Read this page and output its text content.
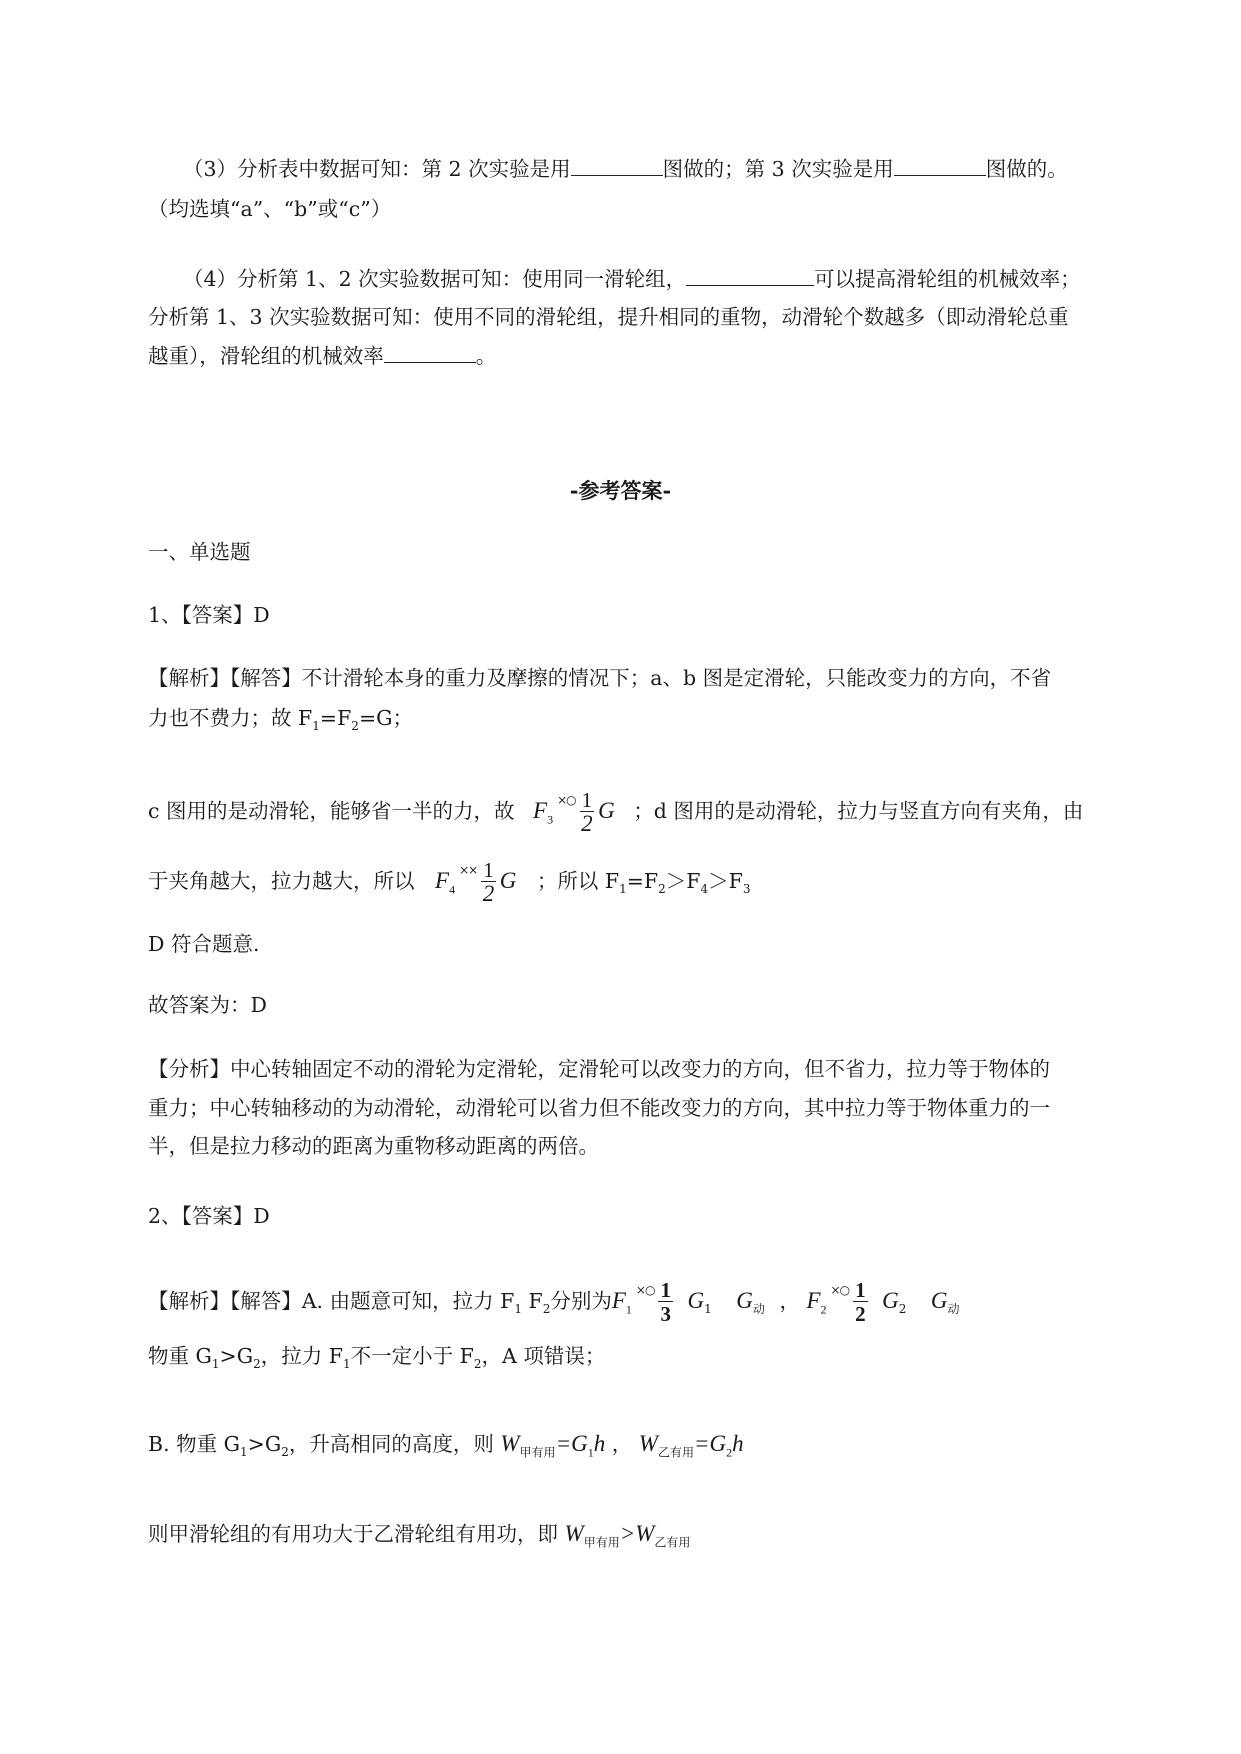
（3）分析表中数据可知：第 2 次实验是用	图做的；第 3 次实验是用	图做的。
（均选填“a”、“b”或“c”）
（4）分析第 1、2 次实验数据可知：使用同一滑轮组，	可以提高滑轮组的机械效率；
分析第 1、3 次实验数据可知：使用不同的滑轮组，提升相同的重物，动滑轮个数越多（即动滑轮总重
越重），滑轮组的机械效率	。
-参考答案-
一、单选题
1、【答案】D
【解析】【解答】不计滑轮本身的重力及摩擦的情况下；a、b 图是定滑轮，只能改变力的方向，不省
力也不费力；故 $F_1=F_2=G$；
c 图用的是动滑轮，能够省一半的力，故 $F_3\times○ \frac{1}{2}$ G ；d 图用的是动滑轮，拉力与竖直方向有夹角，由
于夹角越大，拉力越大，所以 $F_4\times\times \frac{1}{2}$ G ；所以 $F_1=F_2>F_4>F_3$
D 符合题意.
故答案为：D
【分析】中心转轴固定不动的滑轮为定滑轮，定滑轮可以改变力的方向，但不省力，拉力等于物体的
重力；中心转轴移动的为动滑轮，动滑轮可以省力但不能改变力的方向，其中拉力等于物体重力的一
半，但是拉力移动的距离为重物移动距离的两倍。
2、【答案】D
【解析】【解答】A. 由题意可知，拉力 $F_1$ $F_2$分别为$F_1\times○ \frac{1}{3} G_1$ $G_动$ ， $F_2\times○ \frac{1}{2} G_2$ $G_动$
物重 $G_1>G_2$，拉力 $F_1$不一定小于 $F_2$，A 项错误；
B. 物重 $G_1>G_2$，升高相同的高度，则 $W_{甲有用}=G_1h$ ， $W_{乙有用}=G_2h$
则甲滑轮组的有用功大于乙滑轮组有用功，即 $W_{甲有用}>W_{乙有用}$
